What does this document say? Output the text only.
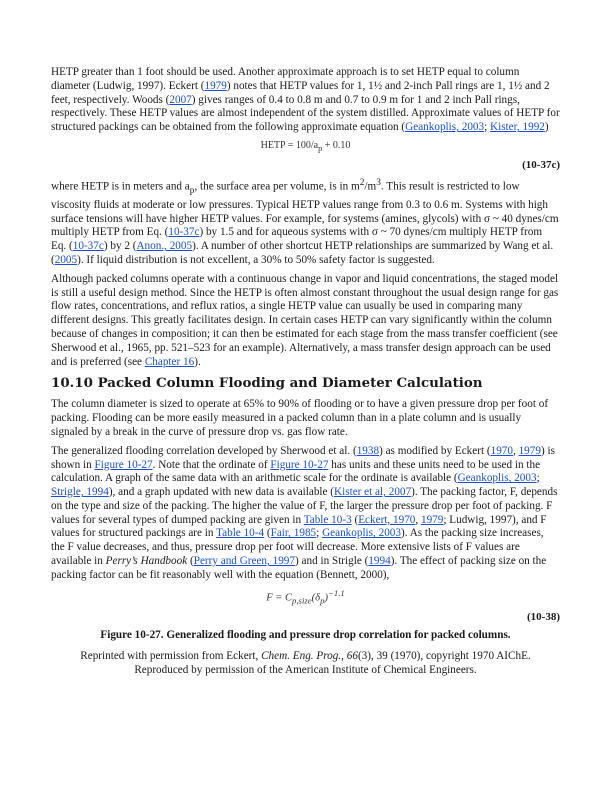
HETP greater than 1 foot should be used. Another approximate approach is to set HETP equal to column diameter (Ludwig, 1997). Eckert (1979) notes that HETP values for 1, 1½ and 2-inch Pall rings are 1, 1½ and 2 feet, respectively. Woods (2007) gives ranges of 0.4 to 0.8 m and 0.7 to 0.9 m for 1 and 2 inch Pall rings, respectively. These HETP values are almost independent of the system distilled. Approximate values of HETP for structured packings can be obtained from the following approximate equation (Geankoplis, 2003; Kister, 1992)

HETP = $100/a_p + 0.10$
(10-37c)

where HETP is in meters and $a_p$, the surface area per volume, is in $m^2/m^3$. This result is restricted to low viscosity fluids at moderate or low pressures. Typical HETP values range from 0.3 to 0.6 m. Systems with high surface tensions will have higher HETP values. For example, for systems (amines, glycols) with σ ~ 40 dynes/cm multiply HETP from Eq. (10-37c) by 1.5 and for aqueous systems with σ ~ 70 dynes/cm multiply HETP from Eq. (10-37c) by 2 (Anon., 2005). A number of other shortcut HETP relationships are summarized by Wang et al. (2005). If liquid distribution is not excellent, a 30% to 50% safety factor is suggested.

Although packed columns operate with a continuous change in vapor and liquid concentrations, the staged model is still a useful design method. Since the HETP is often almost constant throughout the usual design range for gas flow rates, concentrations, and reflux ratios, a single HETP value can usually be used in comparing many different designs. This greatly facilitates design. In certain cases HETP can vary significantly within the column because of changes in composition; it can then be estimated for each stage from the mass transfer coefficient (see Sherwood et al., 1965, pp. 521–523 for an example). Alternatively, a mass transfer design approach can be used and is preferred (see Chapter 16).

10.10 Packed Column Flooding and Diameter Calculation

The column diameter is sized to operate at 65% to 90% of flooding or to have a given pressure drop per foot of packing. Flooding can be more easily measured in a packed column than in a plate column and is usually signaled by a break in the curve of pressure drop vs. gas flow rate.

The generalized flooding correlation developed by Sherwood et al. (1938) as modified by Eckert (1970, 1979) is shown in Figure 10-27. Note that the ordinate of Figure 10-27 has units and these units need to be used in the calculation. A graph of the same data with an arithmetic scale for the ordinate is available (Geankoplis, 2003; Strigle, 1994), and a graph updated with new data is available (Kister et al, 2007). The packing factor, F, depends on the type and size of the packing. The higher the value of F, the larger the pressure drop per foot of packing. F values for several types of dumped packing are given in Table 10-3 (Eckert, 1970, 1979; Ludwig, 1997), and F values for structured packings are in Table 10-4 (Fair, 1985; Geankoplis, 2003). As the packing size increases, the F value decreases, and thus, pressure drop per foot will decrease. More extensive lists of F values are available in Perry’s Handbook (Perry and Green, 1997) and in Strigle (1994). The effect of packing size on the packing factor can be fit reasonably well with the equation (Bennett, 2000),

$F = C_{p,size}(\delta_p)^{-1.1}$
(10-38)
Figure 10-27. Generalized flooding and pressure drop correlation for packed columns.

Reprinted with permission from Eckert, Chem. Eng. Prog., 66(3), 39 (1970), copyright 1970 AIChE.
Reproduced by permission of the American Institute of Chemical Engineers.
